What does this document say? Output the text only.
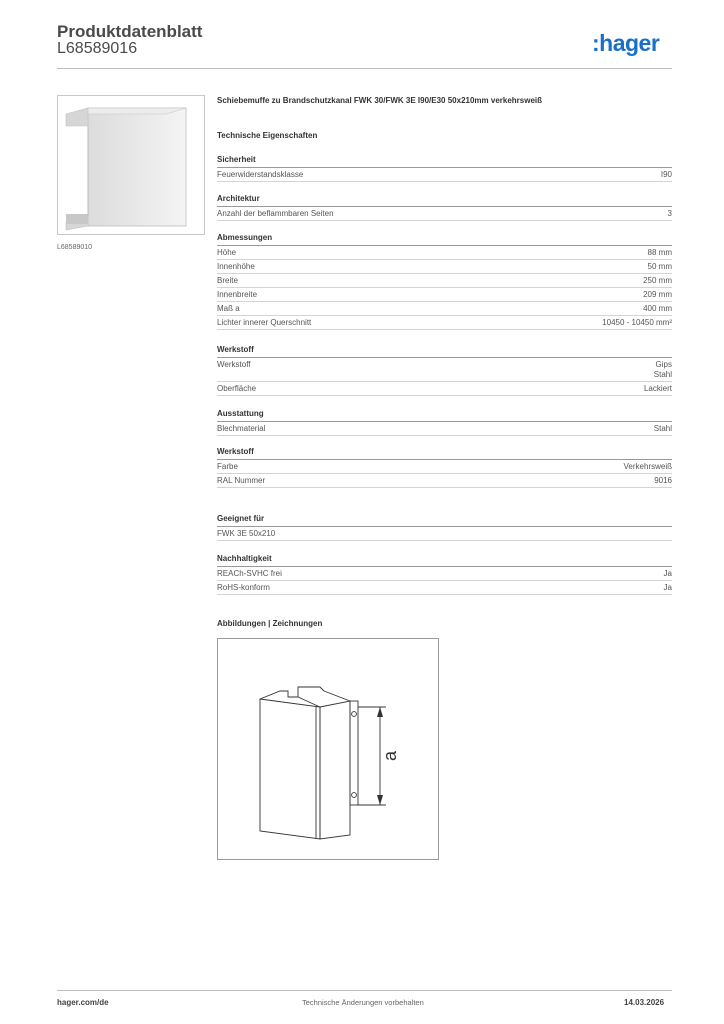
Produktdatenblatt
L68589016	:hager
L68589010
Schiebemuffe zu Brandschutzkanal FWK 30/FWK 3E I90/E30 50x210mm verkehrsweiß
Technische Eigenschaften
Sicherheit
Feuerwiderstandsklasse	I90
Architektur
Anzahl der beflammbaren Seiten	3
Abmessungen
Höhe	88 mm
Innenhöhe	50 mm
Breite	250 mm
Innenbreite	209 mm
Maß a	400 mm
Lichter innerer Querschnitt	10450 - 10450 mm²
Werkstoff
Werkstoff	Gips
Stahl
Oberfläche	Lackiert
Ausstattung
Blechmaterial	Stahl
Werkstoff
Farbe	Verkehrsweiß
RAL Nummer	9016
Geeignet für
FWK 3E 50x210
Nachhaltigkeit
REACh-SVHC frei	Ja
RoHS-konform	Ja
Abbildungen | Zeichnungen
a
hager.com/de	Technische Änderungen vorbehalten	14.03.2026
